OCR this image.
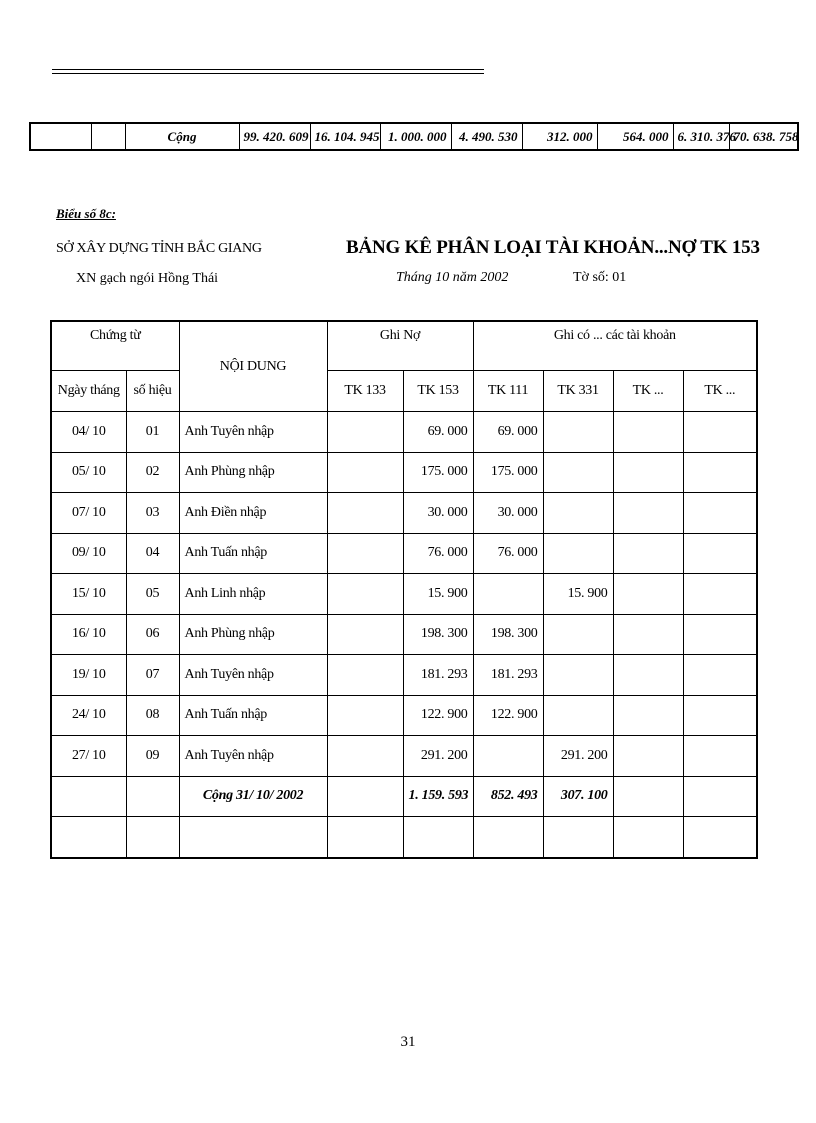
		Cộng	99. 420. 609	16. 104. 945	1. 000. 000	4. 490. 530	312. 000	564. 000	6. 310. 376	70. 638. 758
Biểu số 8c:
SỞ XÂY DỰNG TỈNH BẮC GIANG
XN gạch ngói Hồng Thái
BẢNG KÊ PHÂN LOẠI TÀI KHOẢN...NỢ TK 153
Tháng 10 năm 2002	Tờ số: 01
Chứng từ		NỘI DUNG	Ghi Nợ		Ghi có ... các tài khoản			
Ngày tháng	số hiệu		TK 133	TK 153	TK 111	TK 331	TK ...	TK ...
04/ 10	01	Anh Tuyên nhập		69. 000	69. 000			
05/ 10	02	Anh Phùng nhập		175. 000	175. 000			
07/ 10	03	Anh Điền nhập		30. 000	30. 000			
09/ 10	04	Anh Tuấn nhập		76. 000	76. 000			
15/ 10	05	Anh Linh nhập		15. 900		15. 900		
16/ 10	06	Anh Phùng nhập		198. 300	198. 300			
19/ 10	07	Anh Tuyên nhập		181. 293	181. 293			
24/ 10	08	Anh Tuấn nhập		122. 900	122. 900			
27/ 10	09	Anh Tuyên nhập		291. 200		291. 200		
		Cộng 31/ 10/ 2002		1. 159. 593	852. 493	307. 100		

31
